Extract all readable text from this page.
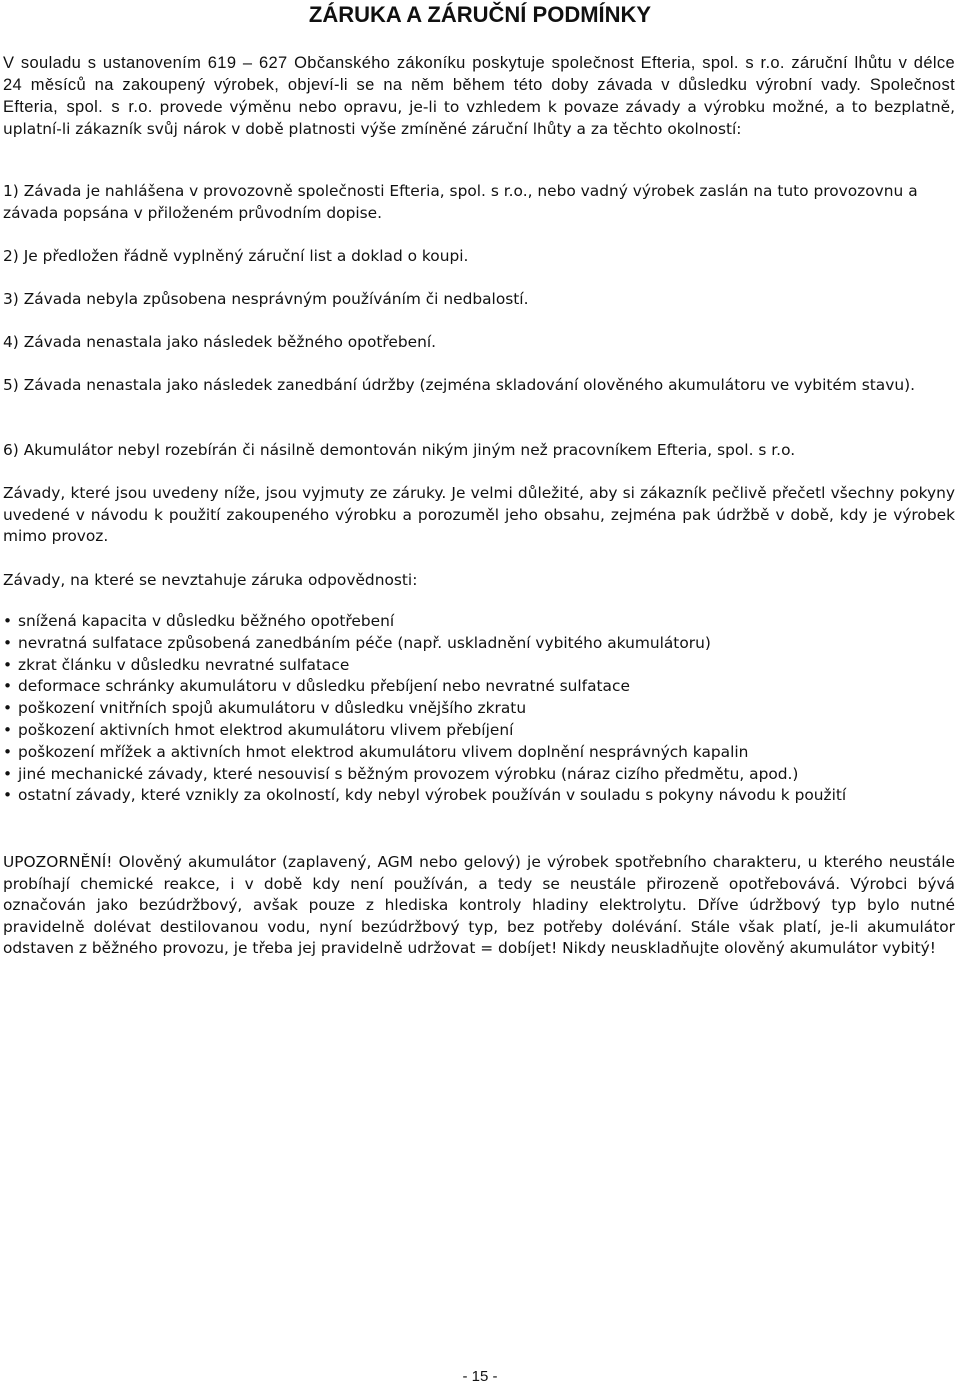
ZÁRUKA A ZÁRUČNÍ PODMÍNKY

V souladu s ustanovením 619 – 627 Občanského zákoníku poskytuje společnost Efteria, spol. s r.o. záruční lhůtu v délce 24 měsíců na zakoupený výrobek, objeví-li se na něm během této doby závada v důsledku výrobní vady. Společnost Efteria, spol. s r.o. provede výměnu nebo opravu, je-li to vzhledem k povaze závady a výrobku možné, a to bezplatně, uplatní-li zákazník svůj nárok v době platnosti výše zmíněné záruční lhůty a za těchto okolností:

1) Závada je nahlášena v provozovně společnosti Efteria, spol. s r.o., nebo vadný výrobek zaslán na tuto provozovnu a závada popsána v přiloženém průvodním dopise.

2) Je předložen řádně vyplněný záruční list a doklad o koupi.

3) Závada nebyla způsobena nesprávným používáním či nedbalostí.

4) Závada nenastala jako následek běžného opotřebení.

5) Závada nenastala jako následek zanedbání údržby (zejména skladování olověného akumulátoru ve vybitém stavu).

6) Akumulátor nebyl rozebírán či násilně demontován nikým jiným než pracovníkem Efteria, spol. s r.o.

Závady, které jsou uvedeny níže, jsou vyjmuty ze záruky. Je velmi důležité, aby si zákazník pečlivě přečetl všechny pokyny uvedené v návodu k použití zakoupeného výrobku a porozuměl jeho obsahu, zejména pak údržbě v době, kdy je výrobek mimo provoz.

Závady, na které se nevztahuje záruka odpovědnosti:

• snížená kapacita v důsledku běžného opotřebení
• nevratná sulfatace způsobená zanedbáním péče (např. uskladnění vybitého akumulátoru)
• zkrat článku v důsledku nevratné sulfatace
• deformace schránky akumulátoru v důsledku přebíjení nebo nevratné sulfatace
• poškození vnitřních spojů akumulátoru v důsledku vnějšího zkratu
• poškození aktivních hmot elektrod akumulátoru vlivem přebíjení
• poškození mřížek a aktivních hmot elektrod akumulátoru vlivem doplnění nesprávných kapalin
• jiné mechanické závady, které nesouvisí s běžným provozem výrobku (náraz cizího předmětu, apod.)
• ostatní závady, které vznikly za okolností, kdy nebyl výrobek používán v souladu s pokyny návodu k použití

UPOZORNĚNÍ! Olověný akumulátor (zaplavený, AGM nebo gelový) je výrobek spotřebního charakteru, u kterého neustále probíhají chemické reakce, i v době kdy není používán, a tedy se neustále přirozeně opotřebovává. Výrobci bývá označován jako bezúdržbový, avšak pouze z hlediska kontroly hladiny elektrolytu. Dříve údržbový typ bylo nutné pravidelně dolévat destilovanou vodu, nyní bezúdržbový typ, bez potřeby dolévání. Stále však platí, je-li akumulátor odstaven z běžného provozu, je třeba jej pravidelně udržovat = dobíjet! Nikdy neuskladňujte olověný akumulátor vybitý!

- 15 -
